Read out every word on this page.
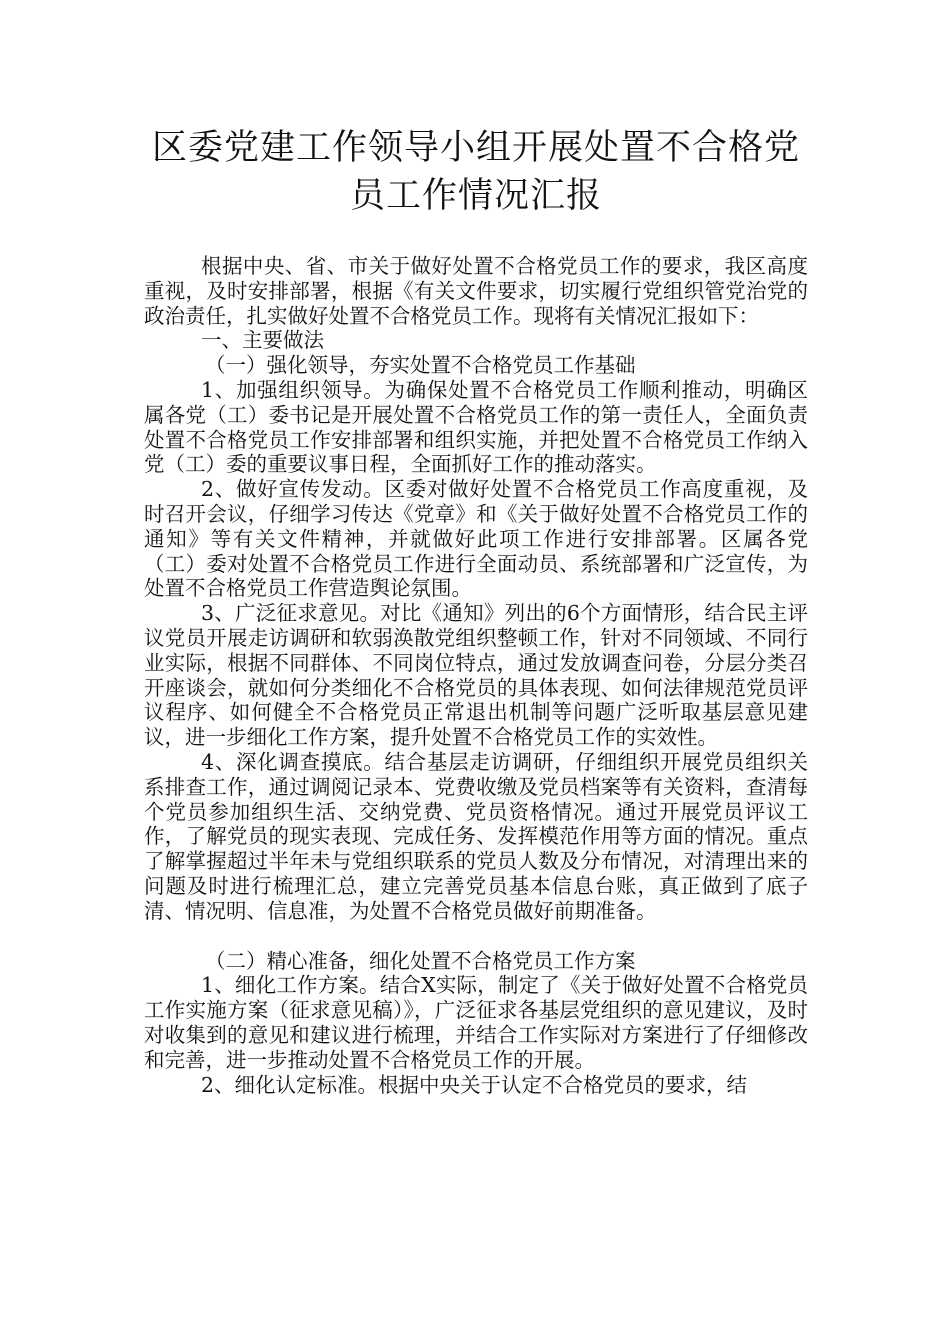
区委党建工作领导小组开展处置不合格党
员工作情况汇报

根据中央、省、市关于做好处置不合格党员工作的要求，我区高度重视，及时安排部署，根据《有关文件要求，切实履行党组织管党治党的政治责任，扎实做好处置不合格党员工作。现将有关情况汇报如下：

一、主要做法

（一）强化领导，夯实处置不合格党员工作基础

1、加强组织领导。为确保处置不合格党员工作顺利推动，明确区属各党（工）委书记是开展处置不合格党员工作的第一责任人，全面负责处置不合格党员工作安排部署和组织实施，并把处置不合格党员工作纳入党（工）委的重要议事日程，全面抓好工作的推动落实。

2、做好宣传发动。区委对做好处置不合格党员工作高度重视，及时召开会议，仔细学习传达《党章》和《关于做好处置不合格党员工作的通知》等有关文件精神，并就做好此项工作进行安排部署。区属各党（工）委对处置不合格党员工作进行全面动员、系统部署和广泛宣传，为处置不合格党员工作营造舆论氛围。

3、广泛征求意见。对比《通知》列出的6个方面情形，结合民主评议党员开展走访调研和软弱涣散党组织整顿工作，针对不同领域、不同行业实际，根据不同群体、不同岗位特点，通过发放调查问卷，分层分类召开座谈会，就如何分类细化不合格党员的具体表现、如何法律规范党员评议程序、如何健全不合格党员正常退出机制等问题广泛听取基层意见建议，进一步细化工作方案，提升处置不合格党员工作的实效性。

4、深化调查摸底。结合基层走访调研，仔细组织开展党员组织关系排查工作，通过调阅记录本、党费收缴及党员档案等有关资料，查清每个党员参加组织生活、交纳党费、党员资格情况。通过开展党员评议工作，了解党员的现实表现、完成任务、发挥模范作用等方面的情况。重点了解掌握超过半年未与党组织联系的党员人数及分布情况，对清理出来的问题及时进行梳理汇总，建立完善党员基本信息台账，真正做到了底子清、情况明、信息准，为处置不合格党员做好前期准备。

（二）精心准备，细化处置不合格党员工作方案

1、细化工作方案。结合X实际，制定了《关于做好处置不合格党员工作实施方案（征求意见稿）》，广泛征求各基层党组织的意见建议，及时对收集到的意见和建议进行梳理，并结合工作实际对方案进行了仔细修改和完善，进一步推动处置不合格党员工作的开展。

2、细化认定标准。根据中央关于认定不合格党员的要求，结
